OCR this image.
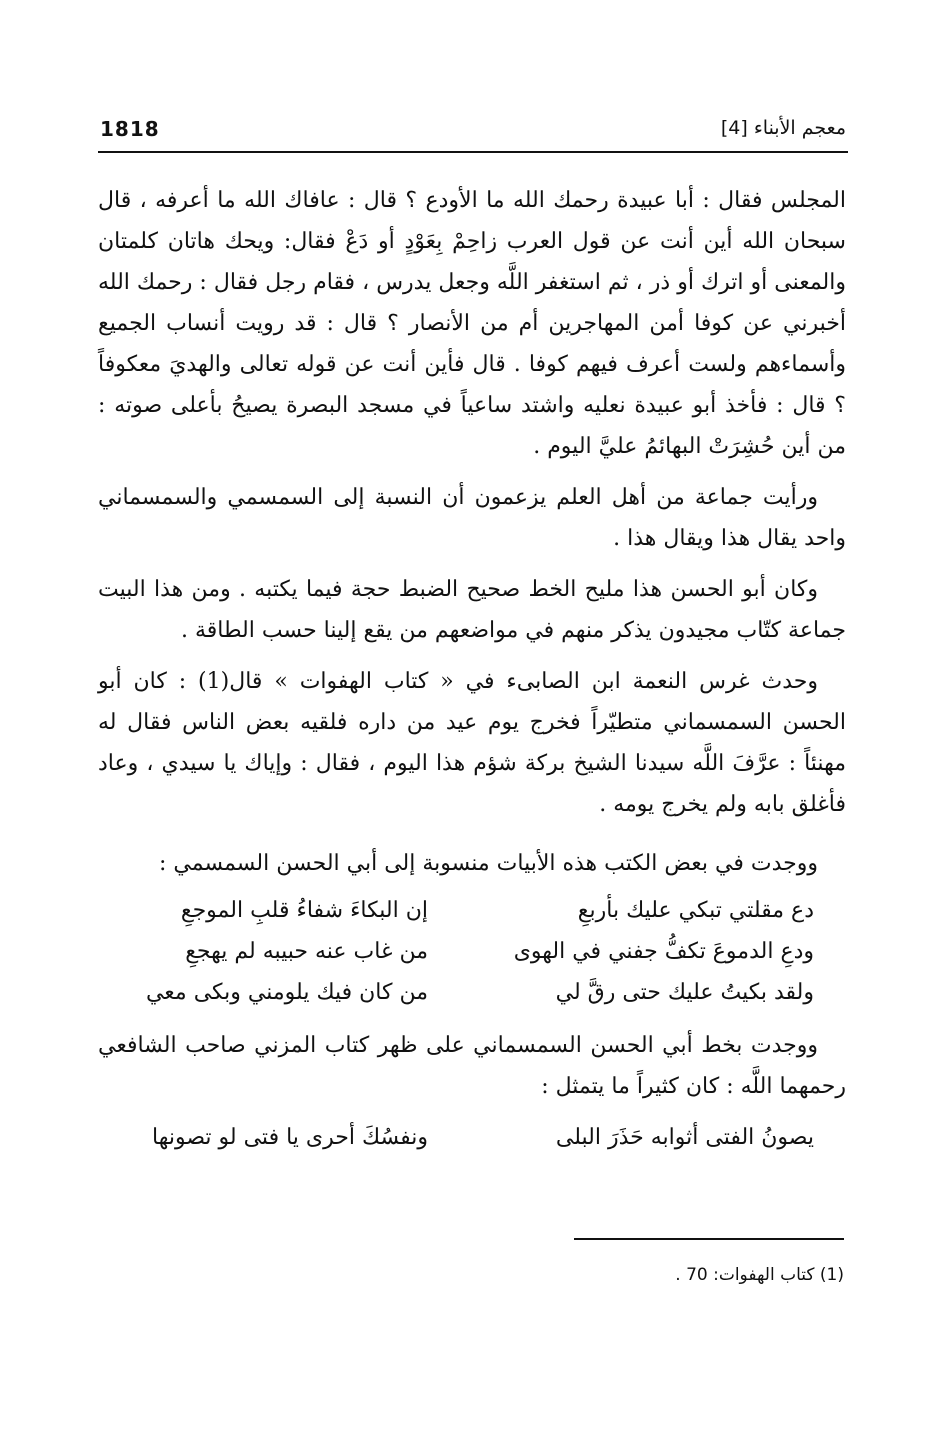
1818	معجم الأبناء [4]

المجلس فقال : أبا عبيدة رحمك الله ما الأودع ؟ قال : عافاك الله ما أعرفه ، قال سبحان الله أين أنت عن قول العرب زاحِمْ بِعَوْدٍ أو دَعْ فقال: ويحك هاتان كلمتان والمعنى أو اترك أو ذر ، ثم استغفر اللَّه وجعل يدرس ، فقام رجل فقال : رحمك الله أخبرني عن كوفا أمن المهاجرين أم من الأنصار ؟ قال : قد رويت أنساب الجميع وأسماءهم ولست أعرف فيهم كوفا . قال فأين أنت عن قوله تعالى والهديَ معكوفاً ؟ قال : فأخذ أبو عبيدة نعليه واشتد ساعياً في مسجد البصرة يصيحُ بأعلى صوته : من أين حُشِرَتْ البهائمُ عليَّ اليوم .

ورأيت جماعة من أهل العلم يزعمون أن النسبة إلى السمسمي والسمسماني واحد يقال هذا ويقال هذا .

وكان أبو الحسن هذا مليح الخط صحيح الضبط حجة فيما يكتبه . ومن هذا البيت جماعة كتّاب مجيدون يذكر منهم في مواضعهم من يقع إلينا حسب الطاقة .

وحدث غرس النعمة ابن الصابىء في « كتاب الهفوات » قال(1) : كان أبو الحسن السمسماني متطيّراً فخرج يوم عيد من داره فلقيه بعض الناس فقال له مهنئاً : عرَّفَ اللَّه سيدنا الشيخ بركة شؤم هذا اليوم ، فقال : وإياك يا سيدي ، وعاد فأغلق بابه ولم يخرج يومه .

ووجدت في بعض الكتب هذه الأبيات منسوبة إلى أبي الحسن السمسمي :
دع مقلتي تبكي عليك بأربعِ
إن البكاءَ شفاءُ قلبِ الموجعِ
ودعِ الدموعَ تكفُّ جفني في الهوى
من غاب عنه حبيبه لم يهجعِ
ولقد بكيتُ عليك حتى رقَّ لي
من كان فيك يلومني وبكى معي

ووجدت بخط أبي الحسن السمسماني على ظهر كتاب المزني صاحب الشافعي رحمهما اللَّه : كان كثيراً ما يتمثل :

يصونُ الفتى أثوابه حَذَرَ البلى
ونفسُكَ أحرى يا فتى لو تصونها
(1) كتاب الهفوات: 70 .
